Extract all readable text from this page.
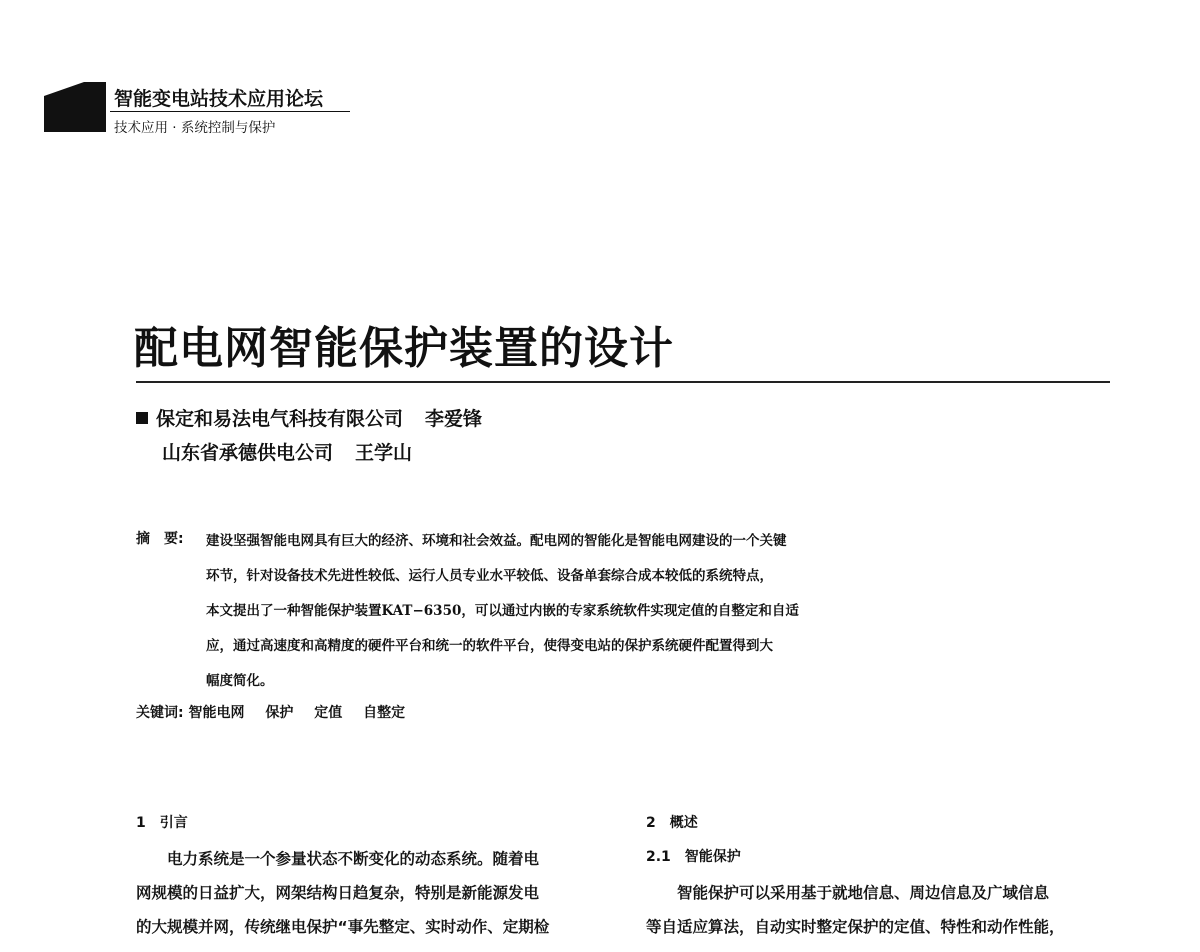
智能变电站技术应用论坛
技术应用 · 系统控制与保护
配电网智能保护装置的设计
保定和易法电气科技有限公司 李爱锋
山东省承德供电公司 王学山
摘　要: 建设坚强智能电网具有巨大的经济、环境和社会效益。配电网的智能化是智能电网建设的一个关键
环节，针对设备技术先进性较低、运行人员专业水平较低、设备单套综合成本较低的系统特点，
本文提出了一种智能保护装置KAT−6350，可以通过内嵌的专家系统软件实现定值的自整定和自适
应，通过高速度和高精度的硬件平台和统一的软件平台，使得变电站的保护系统硬件配置得到大
幅度简化。
关键词: 智能电网 保护 定值 自整定
1　引言
电力系统是一个参量状态不断变化的动态系统。随着电
网规模的日益扩大，网架结构日趋复杂，特别是新能源发电
的大规模并网，传统继电保护“事先整定、实时动作、定期检
2　概述
2.1　智能保护
智能保护可以采用基于就地信息、周边信息及广域信息
等自适应算法，自动实时整定保护的定值、特性和动作性能，
